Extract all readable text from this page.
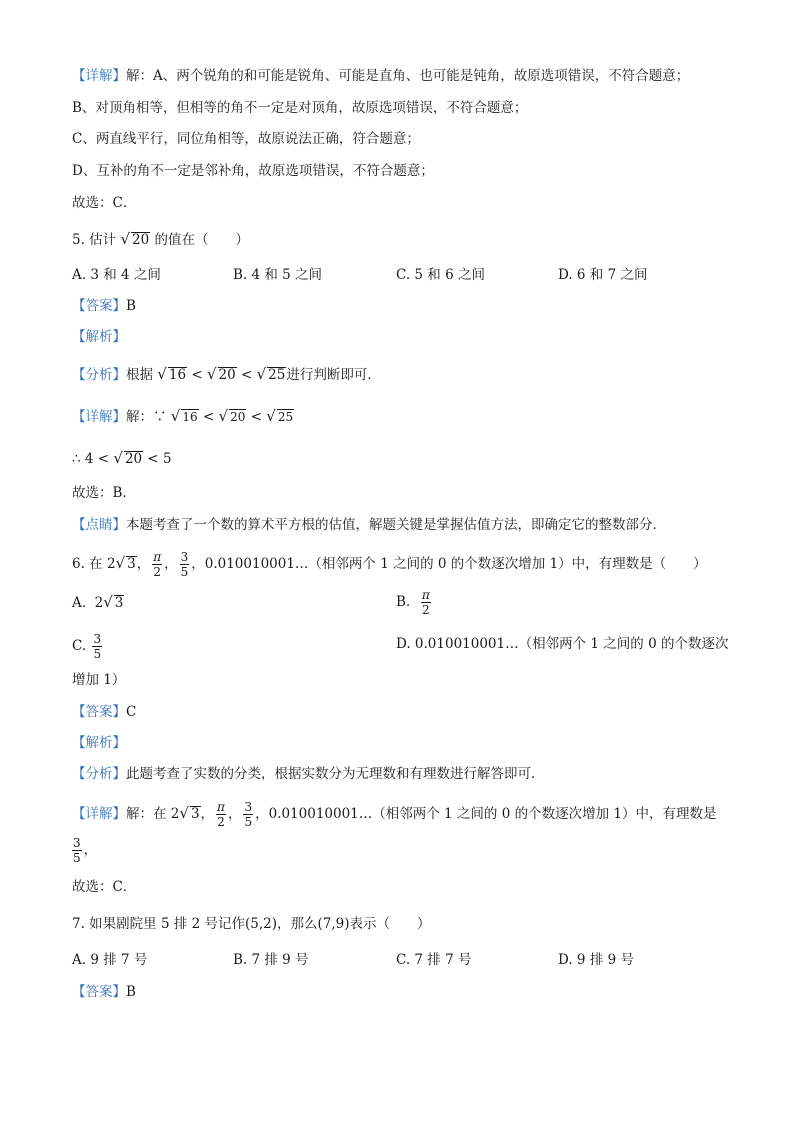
【详解】解：A、两个锐角的和可能是锐角、可能是直角、也可能是钝角，故原选项错误，不符合题意；
B、对顶角相等，但相等的角不一定是对顶角，故原选项错误，不符合题意；
C、两直线平行，同位角相等，故原说法正确，符合题意；
D、互补的角不一定是邻补角，故原选项错误，不符合题意；
故选：C．
5. 估计 √ 20 的值在（　　）
A. 3 和 4 之间	B. 4 和 5 之间	C. 5 和 6 之间	D. 6 和 7 之间
【答案】B
【解析】
【分析】根据 √ 16 < √ 20 < √ 25进行判断即可．
【详解】解：∵ √ 16 < √ 20 < √ 25
∴ 4 < √ 20 < 5
故选：B．
【点睛】本题考查了一个数的算术平方根的估值，解题关键是掌握估值方法，即确定它的整数部分．
6. 在 2√ 3， $\frac{\pi}{2}$ ， $\frac{3}{5}$ ，0.010010001…（相邻两个 1 之间的 0 的个数逐次增加 1）中，有理数是（　　）
A. 2√ 3	B. $\frac{\pi}{2}$
C. $\frac{3}{5}$	D. 0.010010001…（相邻两个 1 之间的 0 的个数逐次
增加 1）
【答案】C
【解析】
【分析】此题考查了实数的分类，根据实数分为无理数和有理数进行解答即可．
【详解】解：在 2√ 3， $\frac{\pi}{2}$ ， $\frac{3}{5}$ ，0.010010001…（相邻两个 1 之间的 0 的个数逐次增加 1）中，有理数是
$\frac{3}{5}$ ，
故选：C．
7. 如果剧院里 5 排 2 号记作(5,2)，那么(7,9)表示（　　）
A. 9 排 7 号	B. 7 排 9 号	C. 7 排 7 号	D. 9 排 9 号
【答案】B
